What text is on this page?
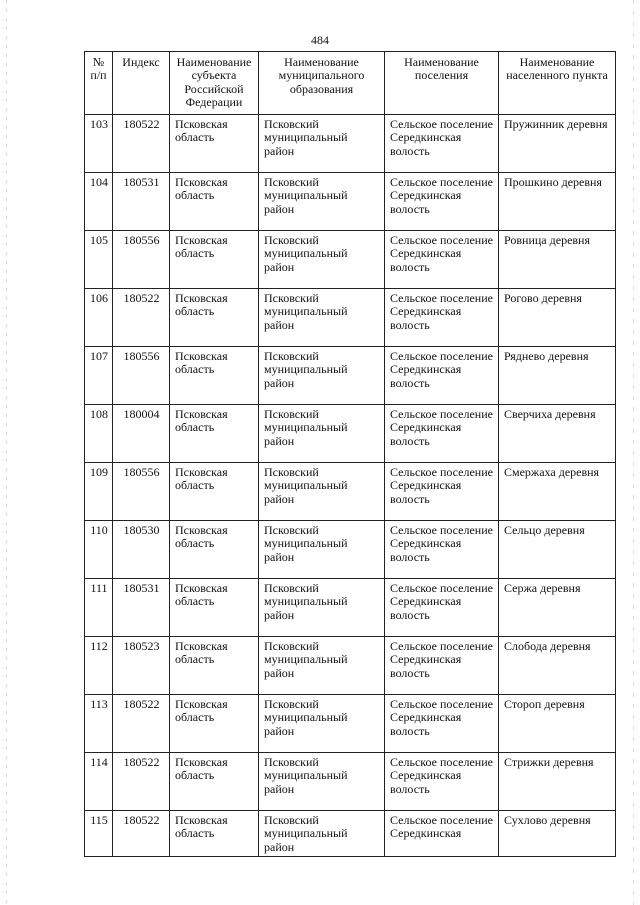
484
№ п/п	Индекс	Наименование субъекта Российской Федерации	Наименование муниципального образования	Наименование поселения	Наименование населенного пункта
103	180522	Псковская область	Псковский муниципальный район	Сельское поселение Середкинская волость	Пружинник деревня
104	180531	Псковская область	Псковский муниципальный район	Сельское поселение Середкинская волость	Прошкино деревня
105	180556	Псковская область	Псковский муниципальный район	Сельское поселение Середкинская волость	Ровница деревня
106	180522	Псковская область	Псковский муниципальный район	Сельское поселение Середкинская волость	Рогово деревня
107	180556	Псковская область	Псковский муниципальный район	Сельское поселение Середкинская волость	Ряднево деревня
108	180004	Псковская область	Псковский муниципальный район	Сельское поселение Середкинская волость	Сверчиха деревня
109	180556	Псковская область	Псковский муниципальный район	Сельское поселение Середкинская волость	Смержаха деревня
110	180530	Псковская область	Псковский муниципальный район	Сельское поселение Середкинская волость	Сельцо деревня
111	180531	Псковская область	Псковский муниципальный район	Сельское поселение Середкинская волость	Сержа деревня
112	180523	Псковская область	Псковский муниципальный район	Сельское поселение Середкинская волость	Слобода деревня
113	180522	Псковская область	Псковский муниципальный район	Сельское поселение Середкинская волость	Стороп деревня
114	180522	Псковская область	Псковский муниципальный район	Сельское поселение Середкинская волость	Стрижки деревня
115	180522	Псковская область	Псковский муниципальный район	Сельское поселение Середкинская	Сухлово деревня
